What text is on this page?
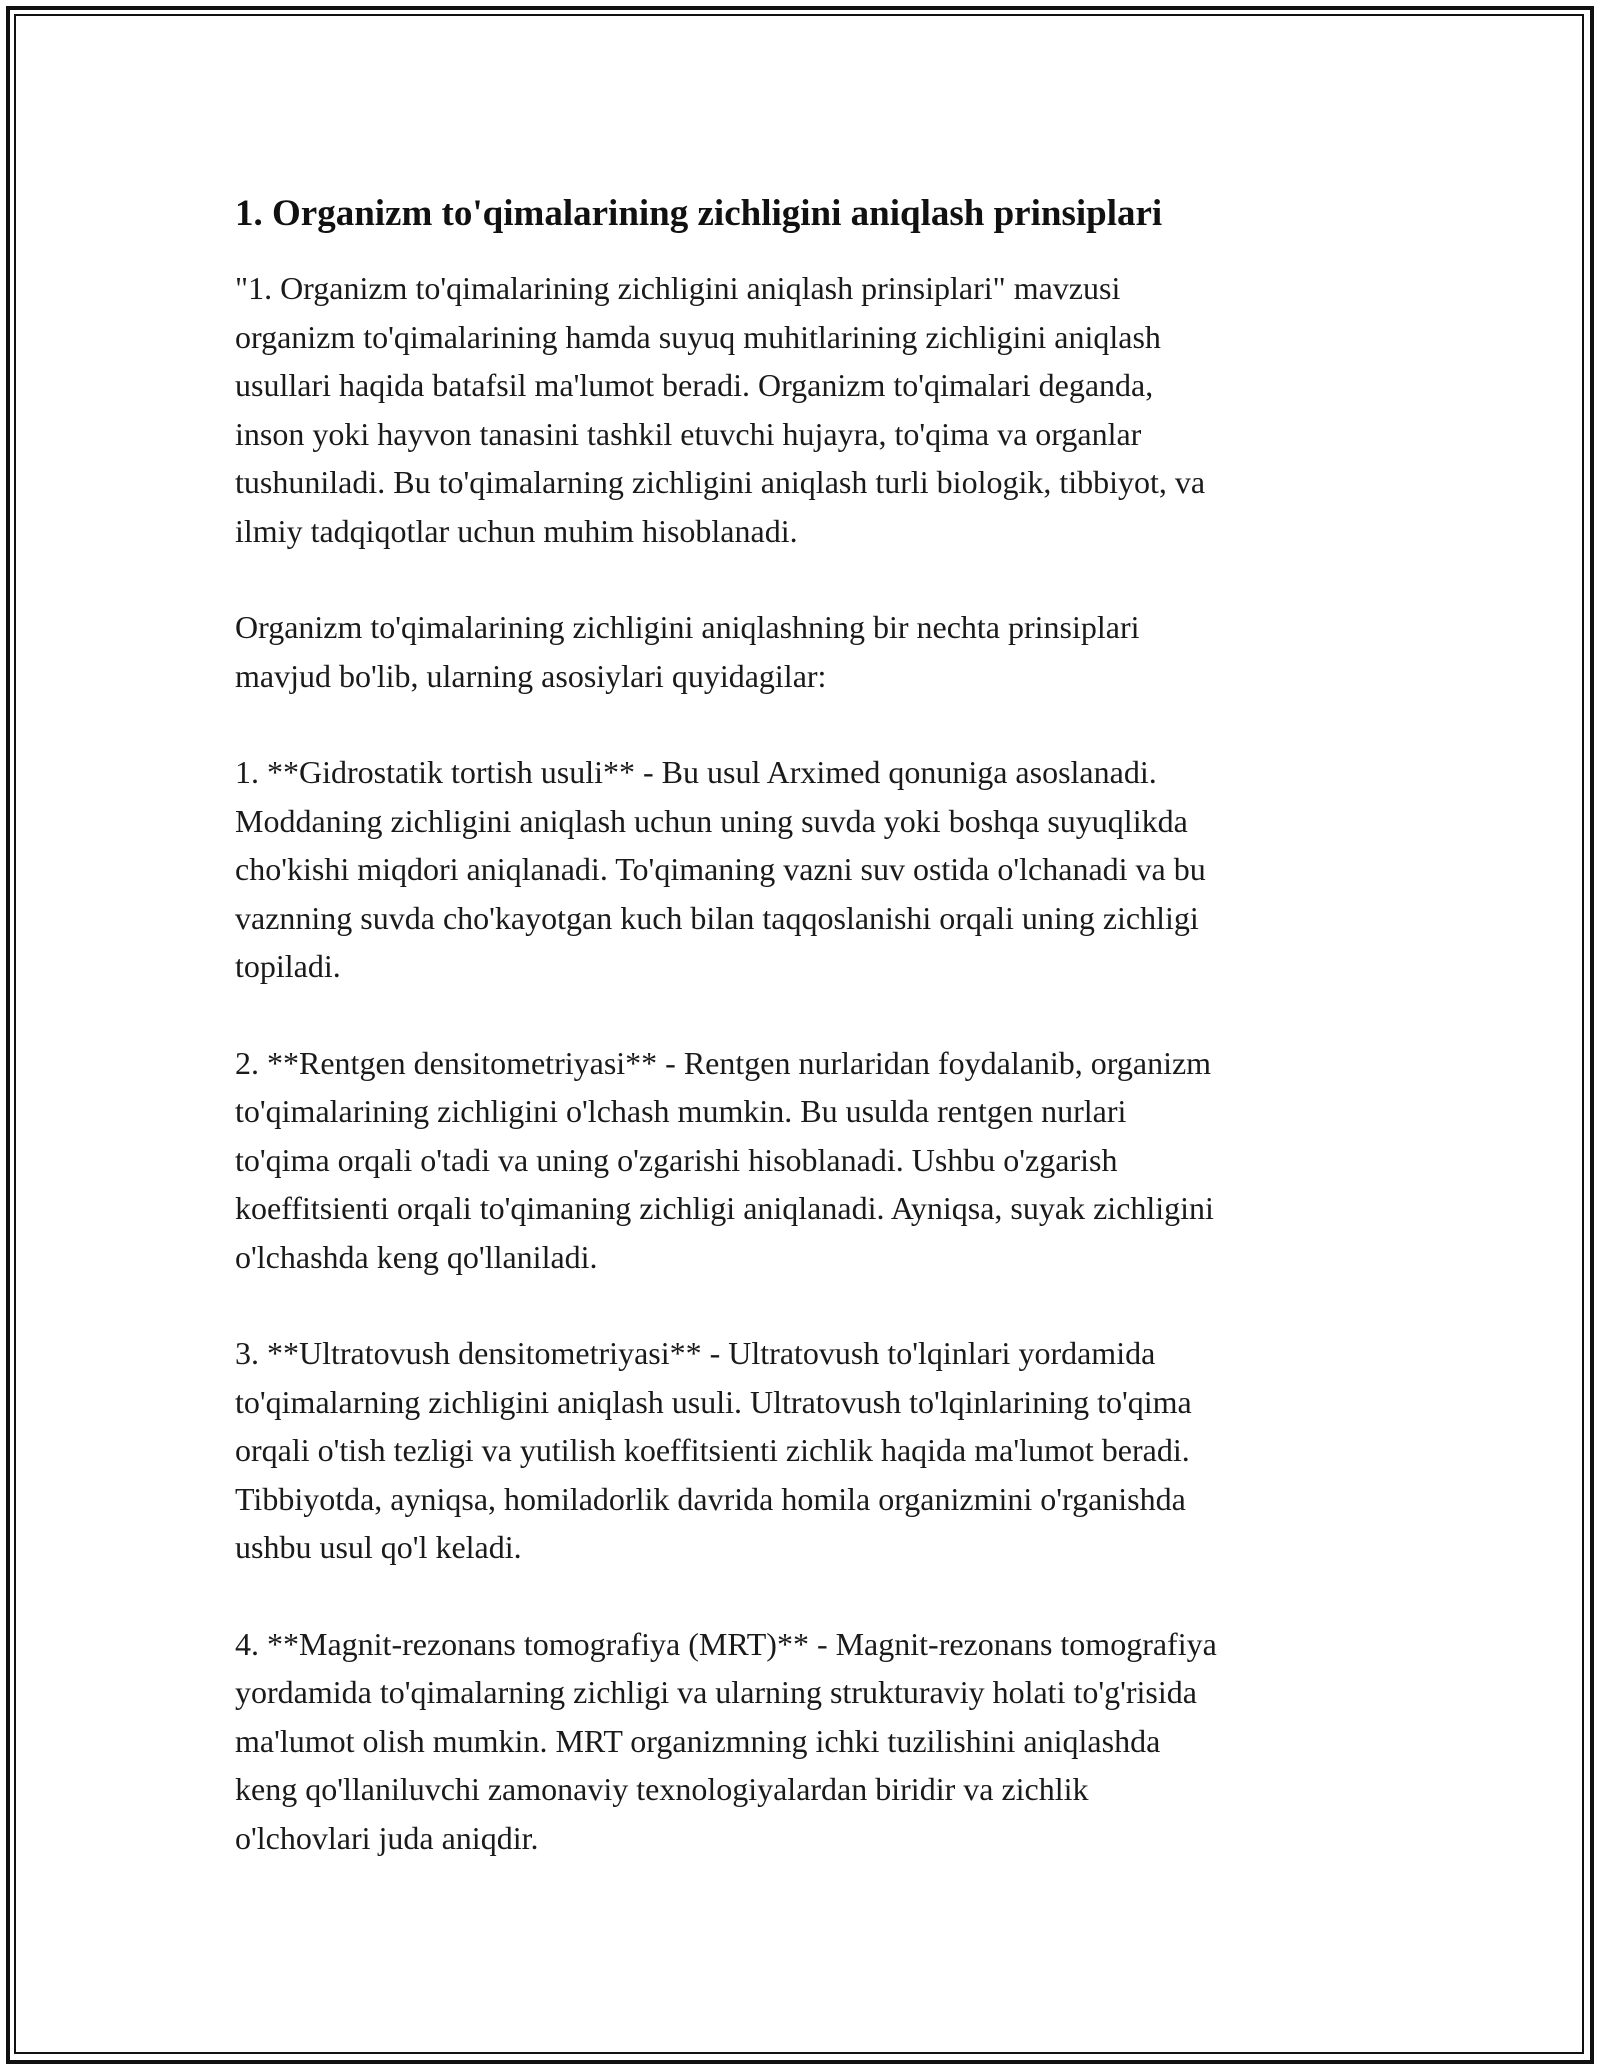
1. Organizm to'qimalarining zichligini aniqlash prinsiplari
"1. Organizm to'qimalarining zichligini aniqlash prinsiplari" mavzusi
organizm to'qimalarining hamda suyuq muhitlarining zichligini aniqlash
usullari haqida batafsil ma'lumot beradi. Organizm to'qimalari deganda,
inson yoki hayvon tanasini tashkil etuvchi hujayra, to'qima va organlar
tushuniladi. Bu to'qimalarning zichligini aniqlash turli biologik, tibbiyot, va
ilmiy tadqiqotlar uchun muhim hisoblanadi.
Organizm to'qimalarining zichligini aniqlashning bir nechta prinsiplari
mavjud bo'lib, ularning asosiylari quyidagilar:
1. **Gidrostatik tortish usuli** - Bu usul Arximed qonuniga asoslanadi.
Moddaning zichligini aniqlash uchun uning suvda yoki boshqa suyuqlikda
cho'kishi miqdori aniqlanadi. To'qimaning vazni suv ostida o'lchanadi va bu
vaznning suvda cho'kayotgan kuch bilan taqqoslanishi orqali uning zichligi
topiladi.
2. **Rentgen densitometriyasi** - Rentgen nurlaridan foydalanib, organizm
to'qimalarining zichligini o'lchash mumkin. Bu usulda rentgen nurlari
to'qima orqali o'tadi va uning o'zgarishi hisoblanadi. Ushbu o'zgarish
koeffitsienti orqali to'qimaning zichligi aniqlanadi. Ayniqsa, suyak zichligini
o'lchashda keng qo'llaniladi.
3. **Ultratovush densitometriyasi** - Ultratovush to'lqinlari yordamida
to'qimalarning zichligini aniqlash usuli. Ultratovush to'lqinlarining to'qima
orqali o'tish tezligi va yutilish koeffitsienti zichlik haqida ma'lumot beradi.
Tibbiyotda, ayniqsa, homiladorlik davrida homila organizmini o'rganishda
ushbu usul qo'l keladi.
4. **Magnit-rezonans tomografiya (MRT)** - Magnit-rezonans tomografiya
yordamida to'qimalarning zichligi va ularning strukturaviy holati to'g'risida
ma'lumot olish mumkin. MRT organizmning ichki tuzilishini aniqlashda
keng qo'llaniluvchi zamonaviy texnologiyalardan biridir va zichlik
o'lchovlari juda aniqdir.
